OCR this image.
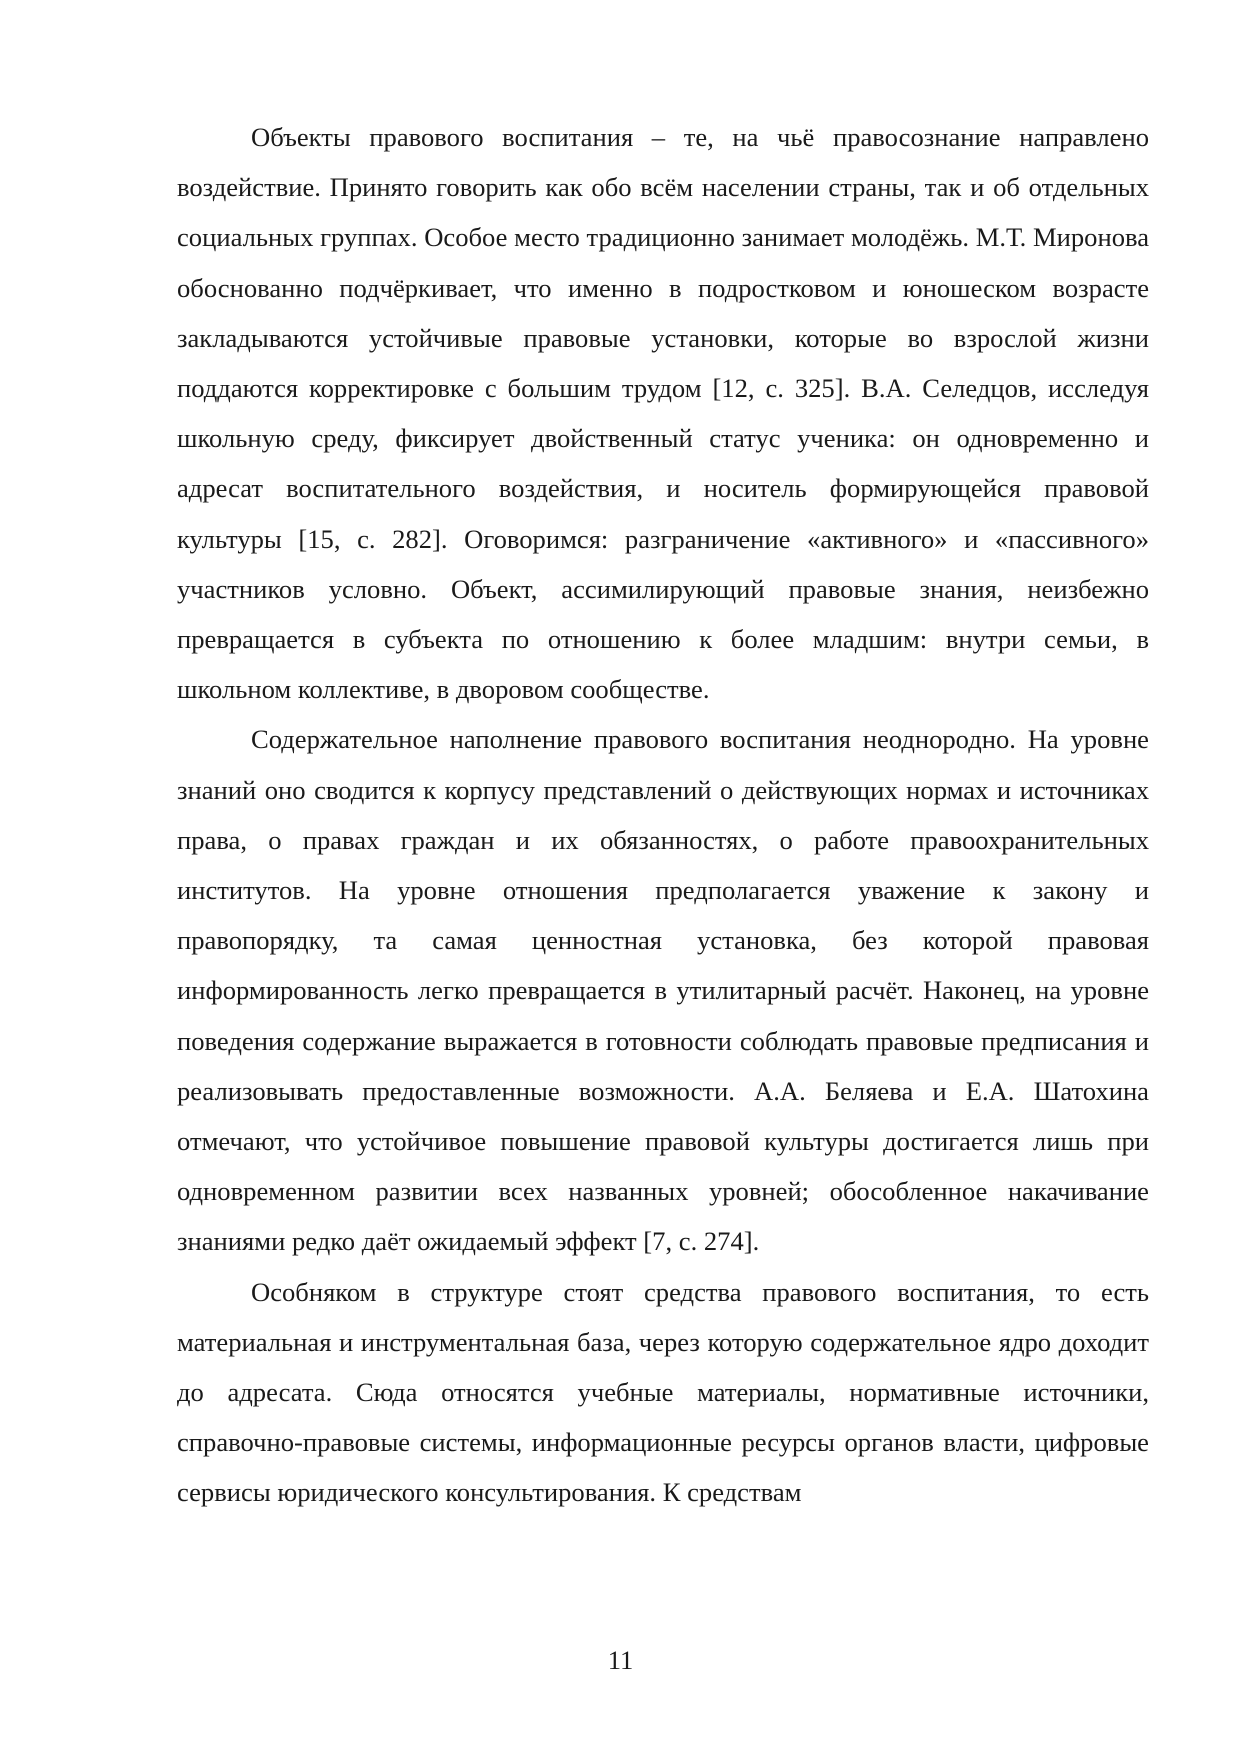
Объекты правового воспитания – те, на чьё правосознание направлено воздействие. Принято говорить как обо всём населении страны, так и об отдельных социальных группах. Особое место традиционно занимает молодёжь. М.Т. Миронова обоснованно подчёркивает, что именно в подростковом и юношеском возрасте закладываются устойчивые правовые установки, которые во взрослой жизни поддаются корректировке с большим трудом [12, с. 325]. В.А. Селедцов, исследуя школьную среду, фиксирует двойственный статус ученика: он одновременно и адресат воспитательного воздействия, и носитель формирующейся правовой культуры [15, с. 282]. Оговоримся: разграничение «активного» и «пассивного» участников условно. Объект, ассимилирующий правовые знания, неизбежно превращается в субъекта по отношению к более младшим: внутри семьи, в школьном коллективе, в дворовом сообществе.

Содержательное наполнение правового воспитания неоднородно. На уровне знаний оно сводится к корпусу представлений о действующих нормах и источниках права, о правах граждан и их обязанностях, о работе правоохранительных институтов. На уровне отношения предполагается уважение к закону и правопорядку, та самая ценностная установка, без которой правовая информированность легко превращается в утилитарный расчёт. Наконец, на уровне поведения содержание выражается в готовности соблюдать правовые предписания и реализовывать предоставленные возможности. А.А. Беляева и Е.А. Шатохина отмечают, что устойчивое повышение правовой культуры достигается лишь при одновременном развитии всех названных уровней; обособленное накачивание знаниями редко даёт ожидаемый эффект [7, с. 274].

Особняком в структуре стоят средства правового воспитания, то есть материальная и инструментальная база, через которую содержательное ядро доходит до адресата. Сюда относятся учебные материалы, нормативные источники, справочно-правовые системы, информационные ресурсы органов власти, цифровые сервисы юридического консультирования. К средствам

11
